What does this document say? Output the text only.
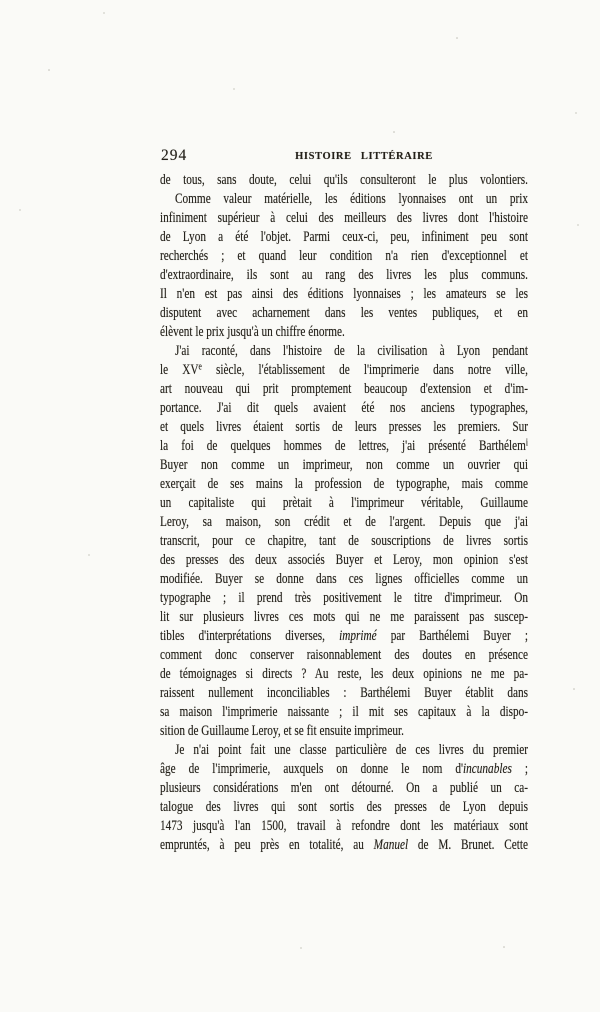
294	HISTOIRE LITTÉRAIRE
de tous, sans doute, celui qu'ils consulteront le plus volontiers.
Comme valeur matérielle, les éditions lyonnaises ont un prix
infiniment supérieur à celui des meilleurs des livres dont l'histoire
de Lyon a été l'objet. Parmi ceux-ci, peu, infiniment peu sont
recherchés ; et quand leur condition n'a rien d'exceptionnel et
d'extraordinaire, ils sont au rang des livres les plus communs.
Il n'en est pas ainsi des éditions lyonnaises ; les amateurs se les
disputent avec acharnement dans les ventes publiques, et en
élèvent le prix jusqu'à un chiffre énorme.
J'ai raconté, dans l'histoire de la civilisation à Lyon pendant
le XVe siècle, l'établissement de l'imprimerie dans notre ville,
art nouveau qui prit promptement beaucoup d'extension et d'im-
portance. J'ai dit quels avaient été nos anciens typographes,
et quels livres étaient sortis de leurs presses les premiers. Sur
la foi de quelques hommes de lettres, j'ai présenté Barthélem$^i$
Buyer non comme un imprimeur, non comme un ouvrier qui
exerçait de ses mains la profession de typographe, mais comme
un capitaliste qui prètait à l'imprimeur véritable, Guillaume
Leroy, sa maison, son crédit et de l'argent. Depuis que j'ai
transcrit, pour ce chapitre, tant de souscriptions de livres sortis
des presses des deux associés Buyer et Leroy, mon opinion s'est
modifiée. Buyer se donne dans ces lignes officielles comme un
typographe ; il prend très positivement le titre d'imprimeur. On
lit sur plusieurs livres ces mots qui ne me paraissent pas suscep-
tibles d'interprétations diverses, imprimé par Barthélemi Buyer ;
comment donc conserver raisonnablement des doutes en présence
de témoignages si directs ? Au reste, les deux opinions ne me pa-
raissent nullement inconciliables : Barthélemi Buyer établit dans
sa maison l'imprimerie naissante ; il mit ses capitaux à la dispo-
sition de Guillaume Leroy, et se fit ensuite imprimeur.
Je n'ai point fait une classe particulière de ces livres du premier
âge de l'imprimerie, auxquels on donne le nom d'incunables ;
plusieurs considérations m'en ont détourné. On a publié un ca-
talogue des livres qui sont sortis des presses de Lyon depuis
1473 jusqu'à l'an 1500, travail à refondre dont les matériaux sont
empruntés, à peu près en totalité, au Manuel de M. Brunet. Cette
